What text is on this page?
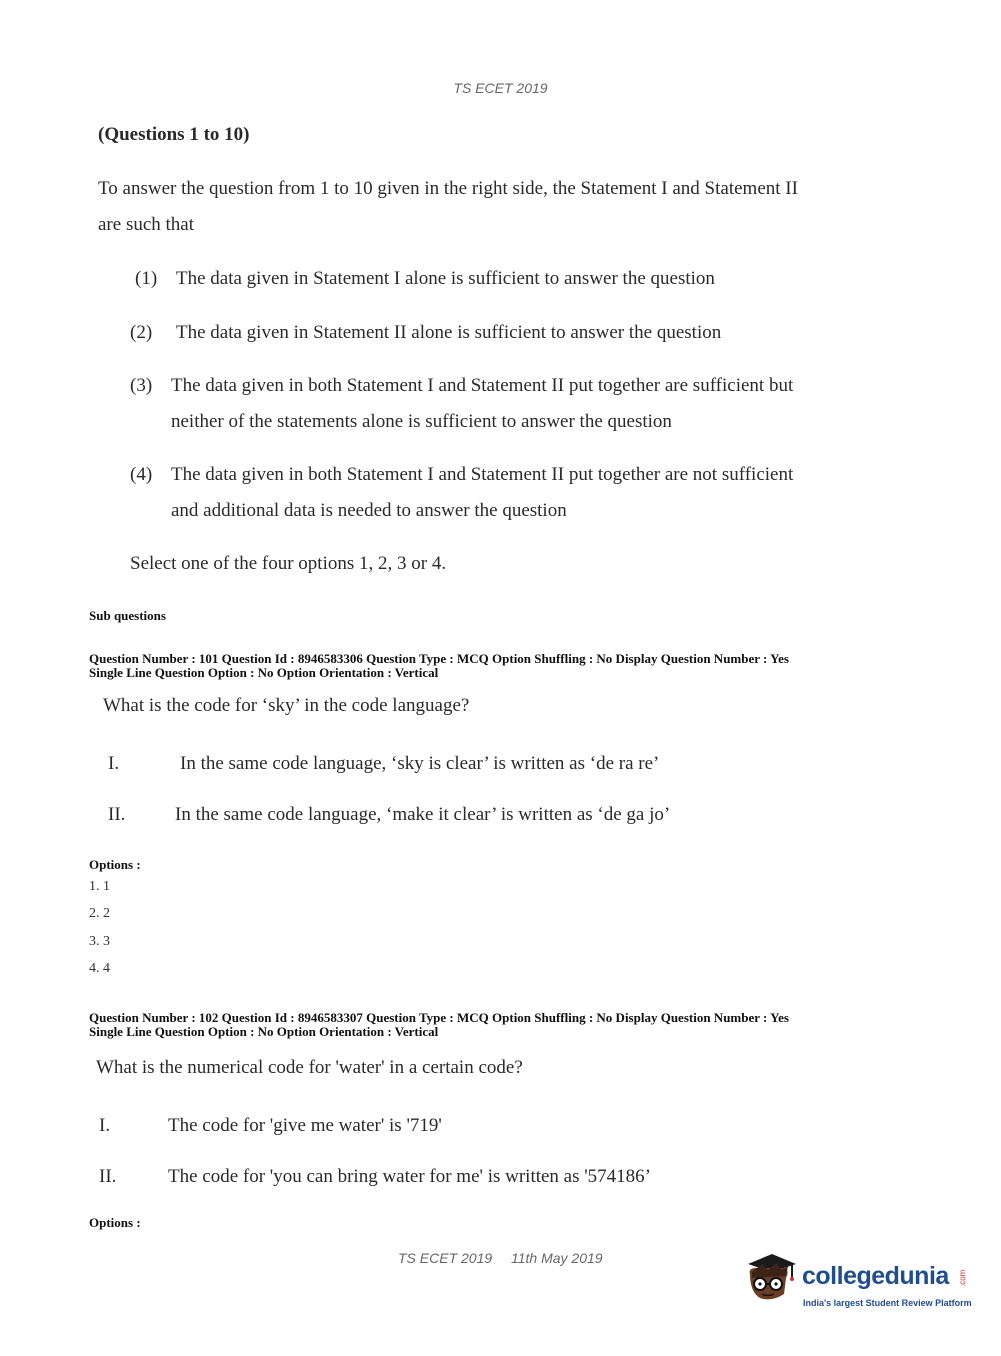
TS ECET 2019
(Questions 1 to 10)
To answer the question from 1 to 10 given in the right side, the Statement I and Statement II
are such that
(1) The data given in Statement I alone is sufficient to answer the question
(2) The data given in Statement II alone is sufficient to answer the question
(3) The data given in both Statement I and Statement II put together are sufficient but
neither of the statements alone is sufficient to answer the question
(4) The data given in both Statement I and Statement II put together are not sufficient
and additional data is needed to answer the question
Select one of the four options 1, 2, 3 or 4.
Sub questions
Question Number : 101 Question Id : 8946583306 Question Type : MCQ Option Shuffling : No Display Question Number : Yes
Single Line Question Option : No Option Orientation : Vertical
What is the code for ‘sky’ in the code language?
I.	In the same code language, ‘sky is clear’ is written as ‘de ra re’
II.	In the same code language, ‘make it clear’ is written as ‘de ga jo’
Options :
1. 1
2. 2
3. 3
4. 4
Question Number : 102 Question Id : 8946583307 Question Type : MCQ Option Shuffling : No Display Question Number : Yes
Single Line Question Option : No Option Orientation : Vertical
What is the numerical code for 'water' in a certain code?
I.	The code for 'give me water' is '719'
II.	The code for 'you can bring water for me' is written as '574186’
Options :
TS ECET 2019 11th May 2019
collegedunia .com
India's largest Student Review Platform
